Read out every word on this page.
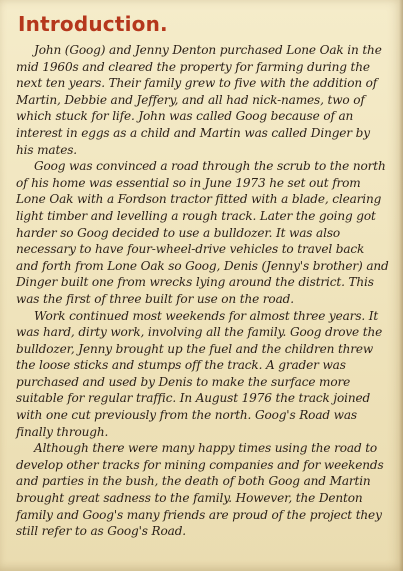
Introduction.

John (Goog) and Jenny Denton purchased Lone Oak in the mid 1960s and cleared the property for farming during the next ten years. Their family grew to five with the addition of Martin, Debbie and Jeffery, and all had nick-names, two of which stuck for life. John was called Goog because of an interest in eggs as a child and Martin was called Dinger by his mates.

Goog was convinced a road through the scrub to the north of his home was essential so in June 1973 he set out from Lone Oak with a Fordson tractor fitted with a blade, clearing light timber and levelling a rough track. Later the going got harder so Goog decided to use a bulldozer. It was also necessary to have four-wheel-drive vehicles to travel back and forth from Lone Oak so Goog, Denis (Jenny's brother) and Dinger built one from wrecks lying around the district. This was the first of three built for use on the road.

Work continued most weekends for almost three years. It was hard, dirty work, involving all the family. Goog drove the bulldozer, Jenny brought up the fuel and the children threw the loose sticks and stumps off the track. A grader was purchased and used by Denis to make the surface more suitable for regular traffic. In August 1976 the track joined with one cut previously from the north. Goog's Road was finally through.

Although there were many happy times using the road to develop other tracks for mining companies and for weekends and parties in the bush, the death of both Goog and Martin brought great sadness to the family. However, the Denton family and Goog's many friends are proud of the project they still refer to as Goog's Road.
